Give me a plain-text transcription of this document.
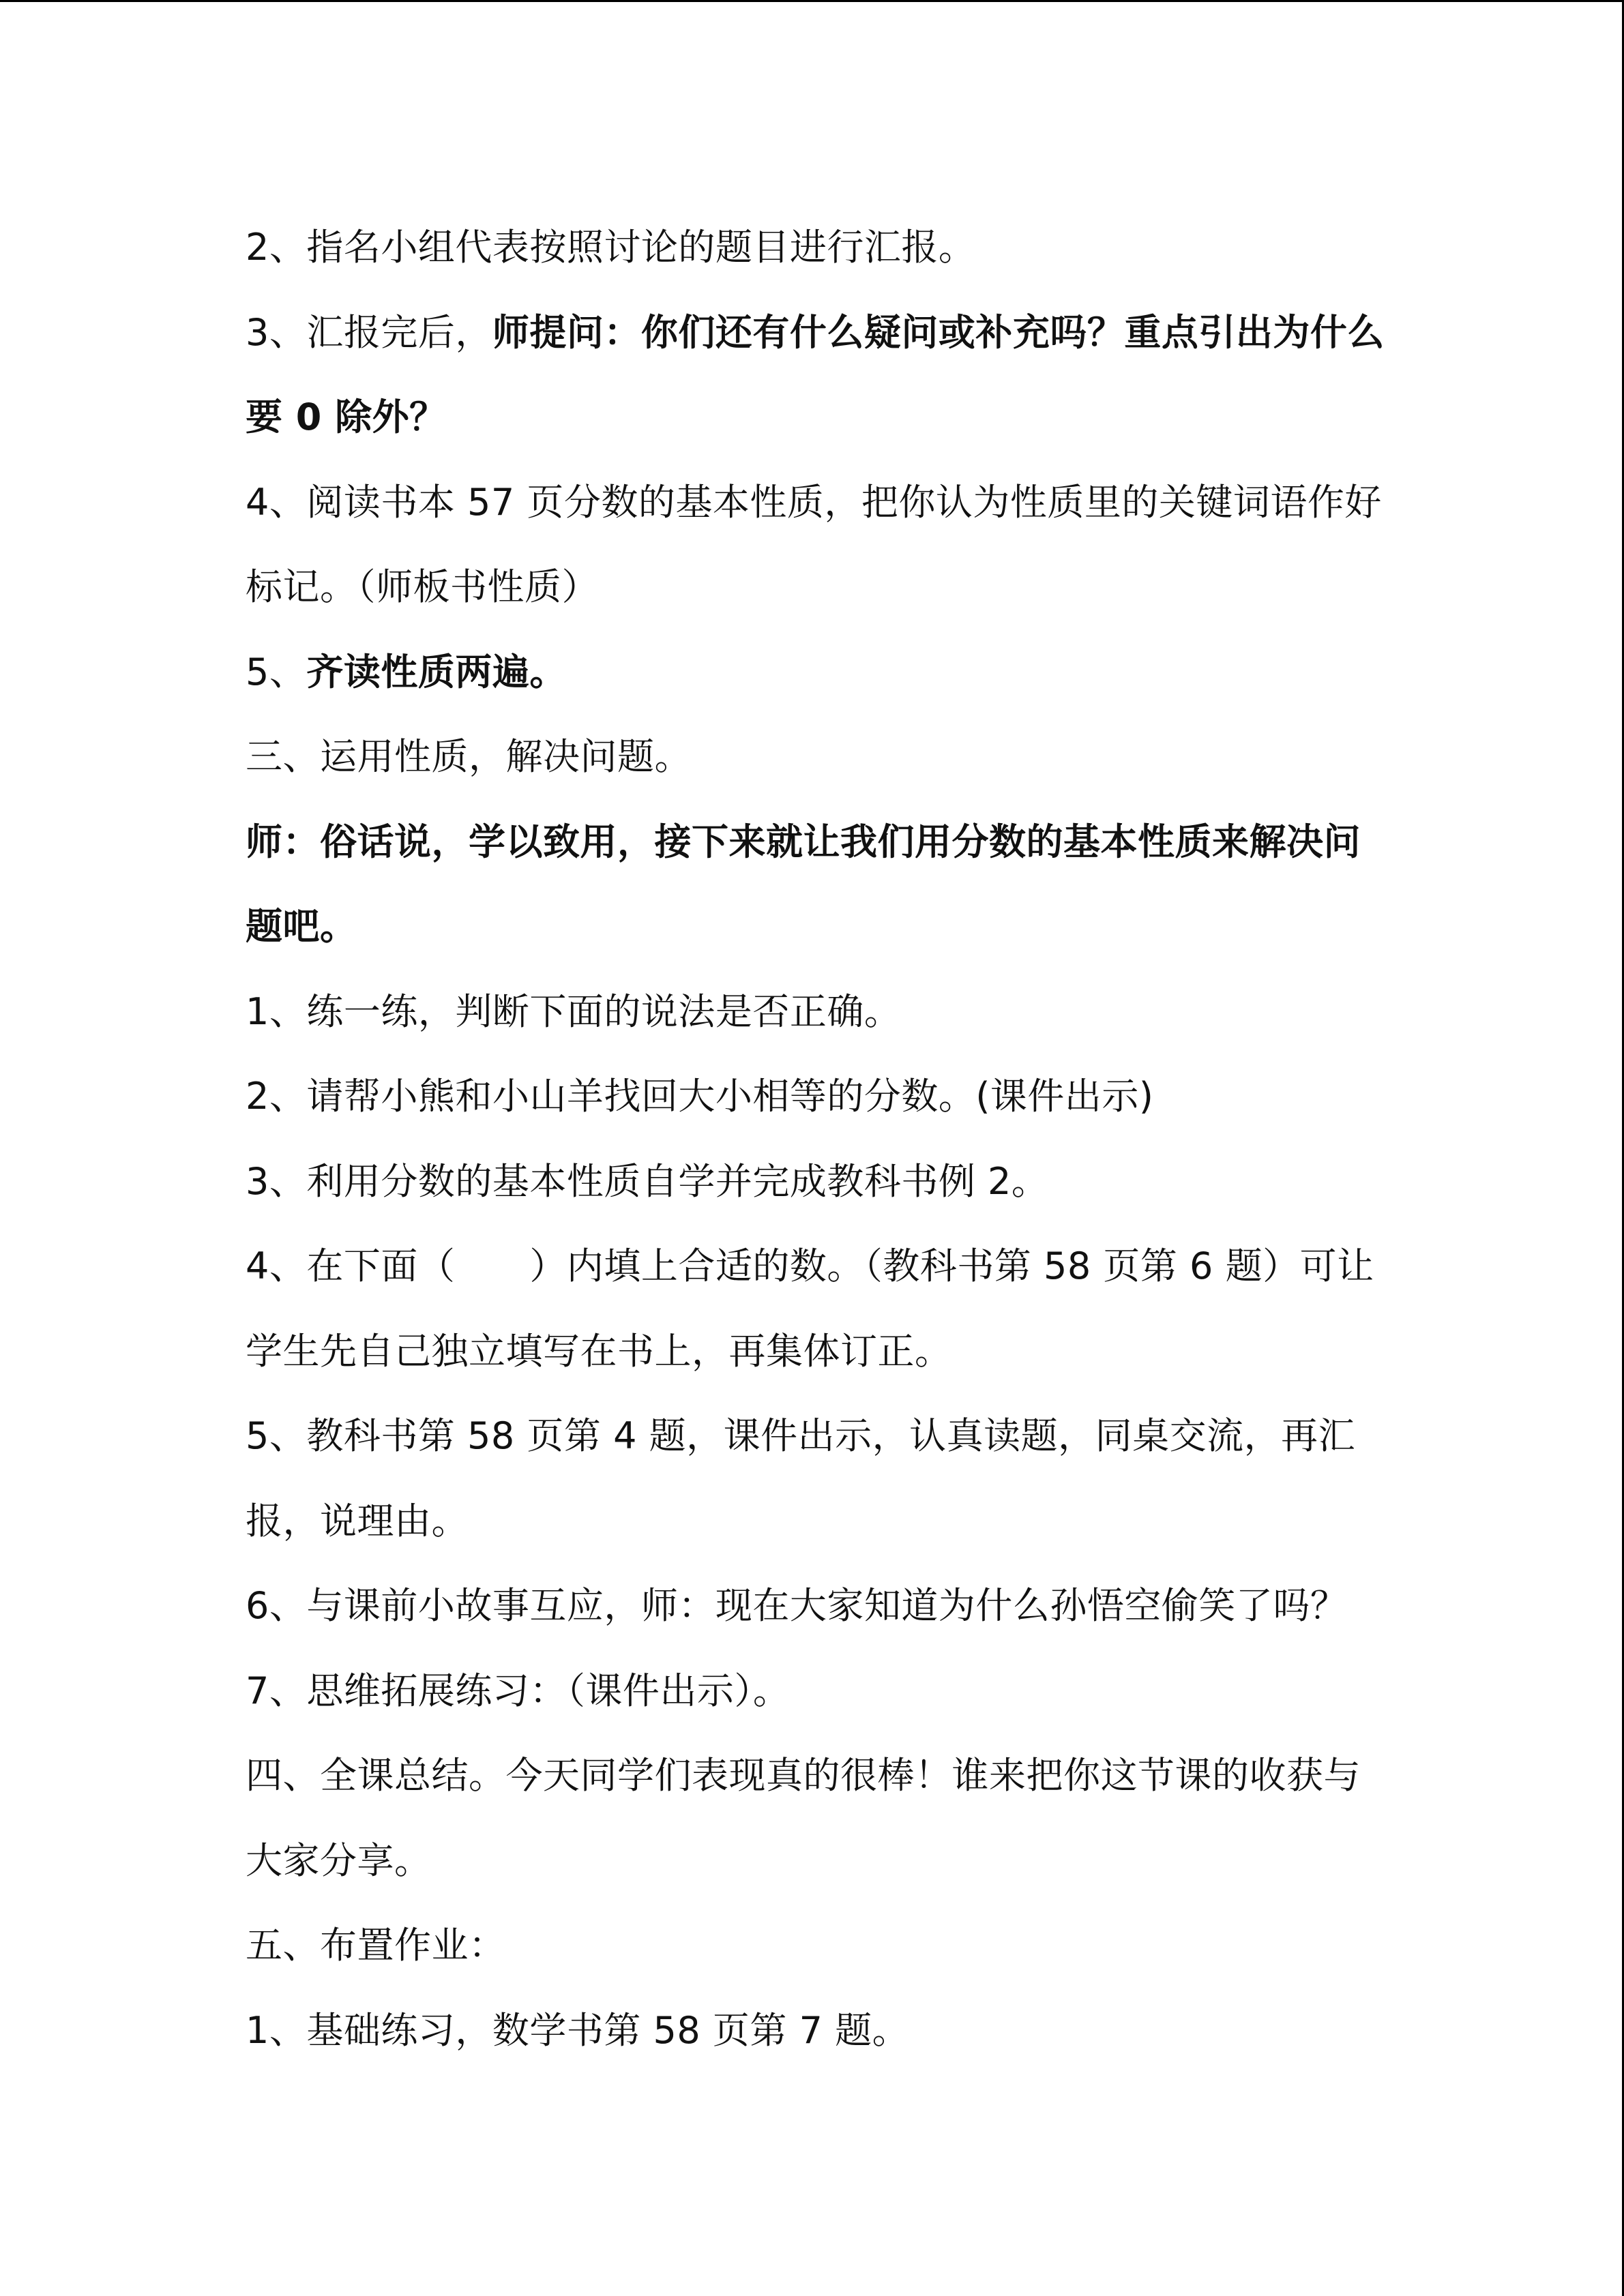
2、指名小组代表按照讨论的题目进行汇报。

3、汇报完后，师提问：你们还有什么疑问或补充吗？重点引出为什么要 0 除外？

4、阅读书本 57 页分数的基本性质，把你认为性质里的关键词语作好标记。（师板书性质）

5、齐读性质两遍。

三、运用性质，解决问题。

师：俗话说，学以致用，接下来就让我们用分数的基本性质来解决问题吧。

1、练一练，判断下面的说法是否正确。

2、请帮小熊和小山羊找回大小相等的分数。(课件出示)

3、利用分数的基本性质自学并完成教科书例 2。

4、在下面（　　）内填上合适的数。（教科书第 58 页第 6 题）可让学生先自己独立填写在书上，再集体订正。

5、教科书第 58 页第 4 题，课件出示，认真读题，同桌交流，再汇报，说理由。

6、与课前小故事互应，师：现在大家知道为什么孙悟空偷笑了吗？

7、思维拓展练习：（课件出示）。

四、全课总结。今天同学们表现真的很棒！谁来把你这节课的收获与大家分享。

五、布置作业：

1、基础练习，数学书第 58 页第 7 题。
